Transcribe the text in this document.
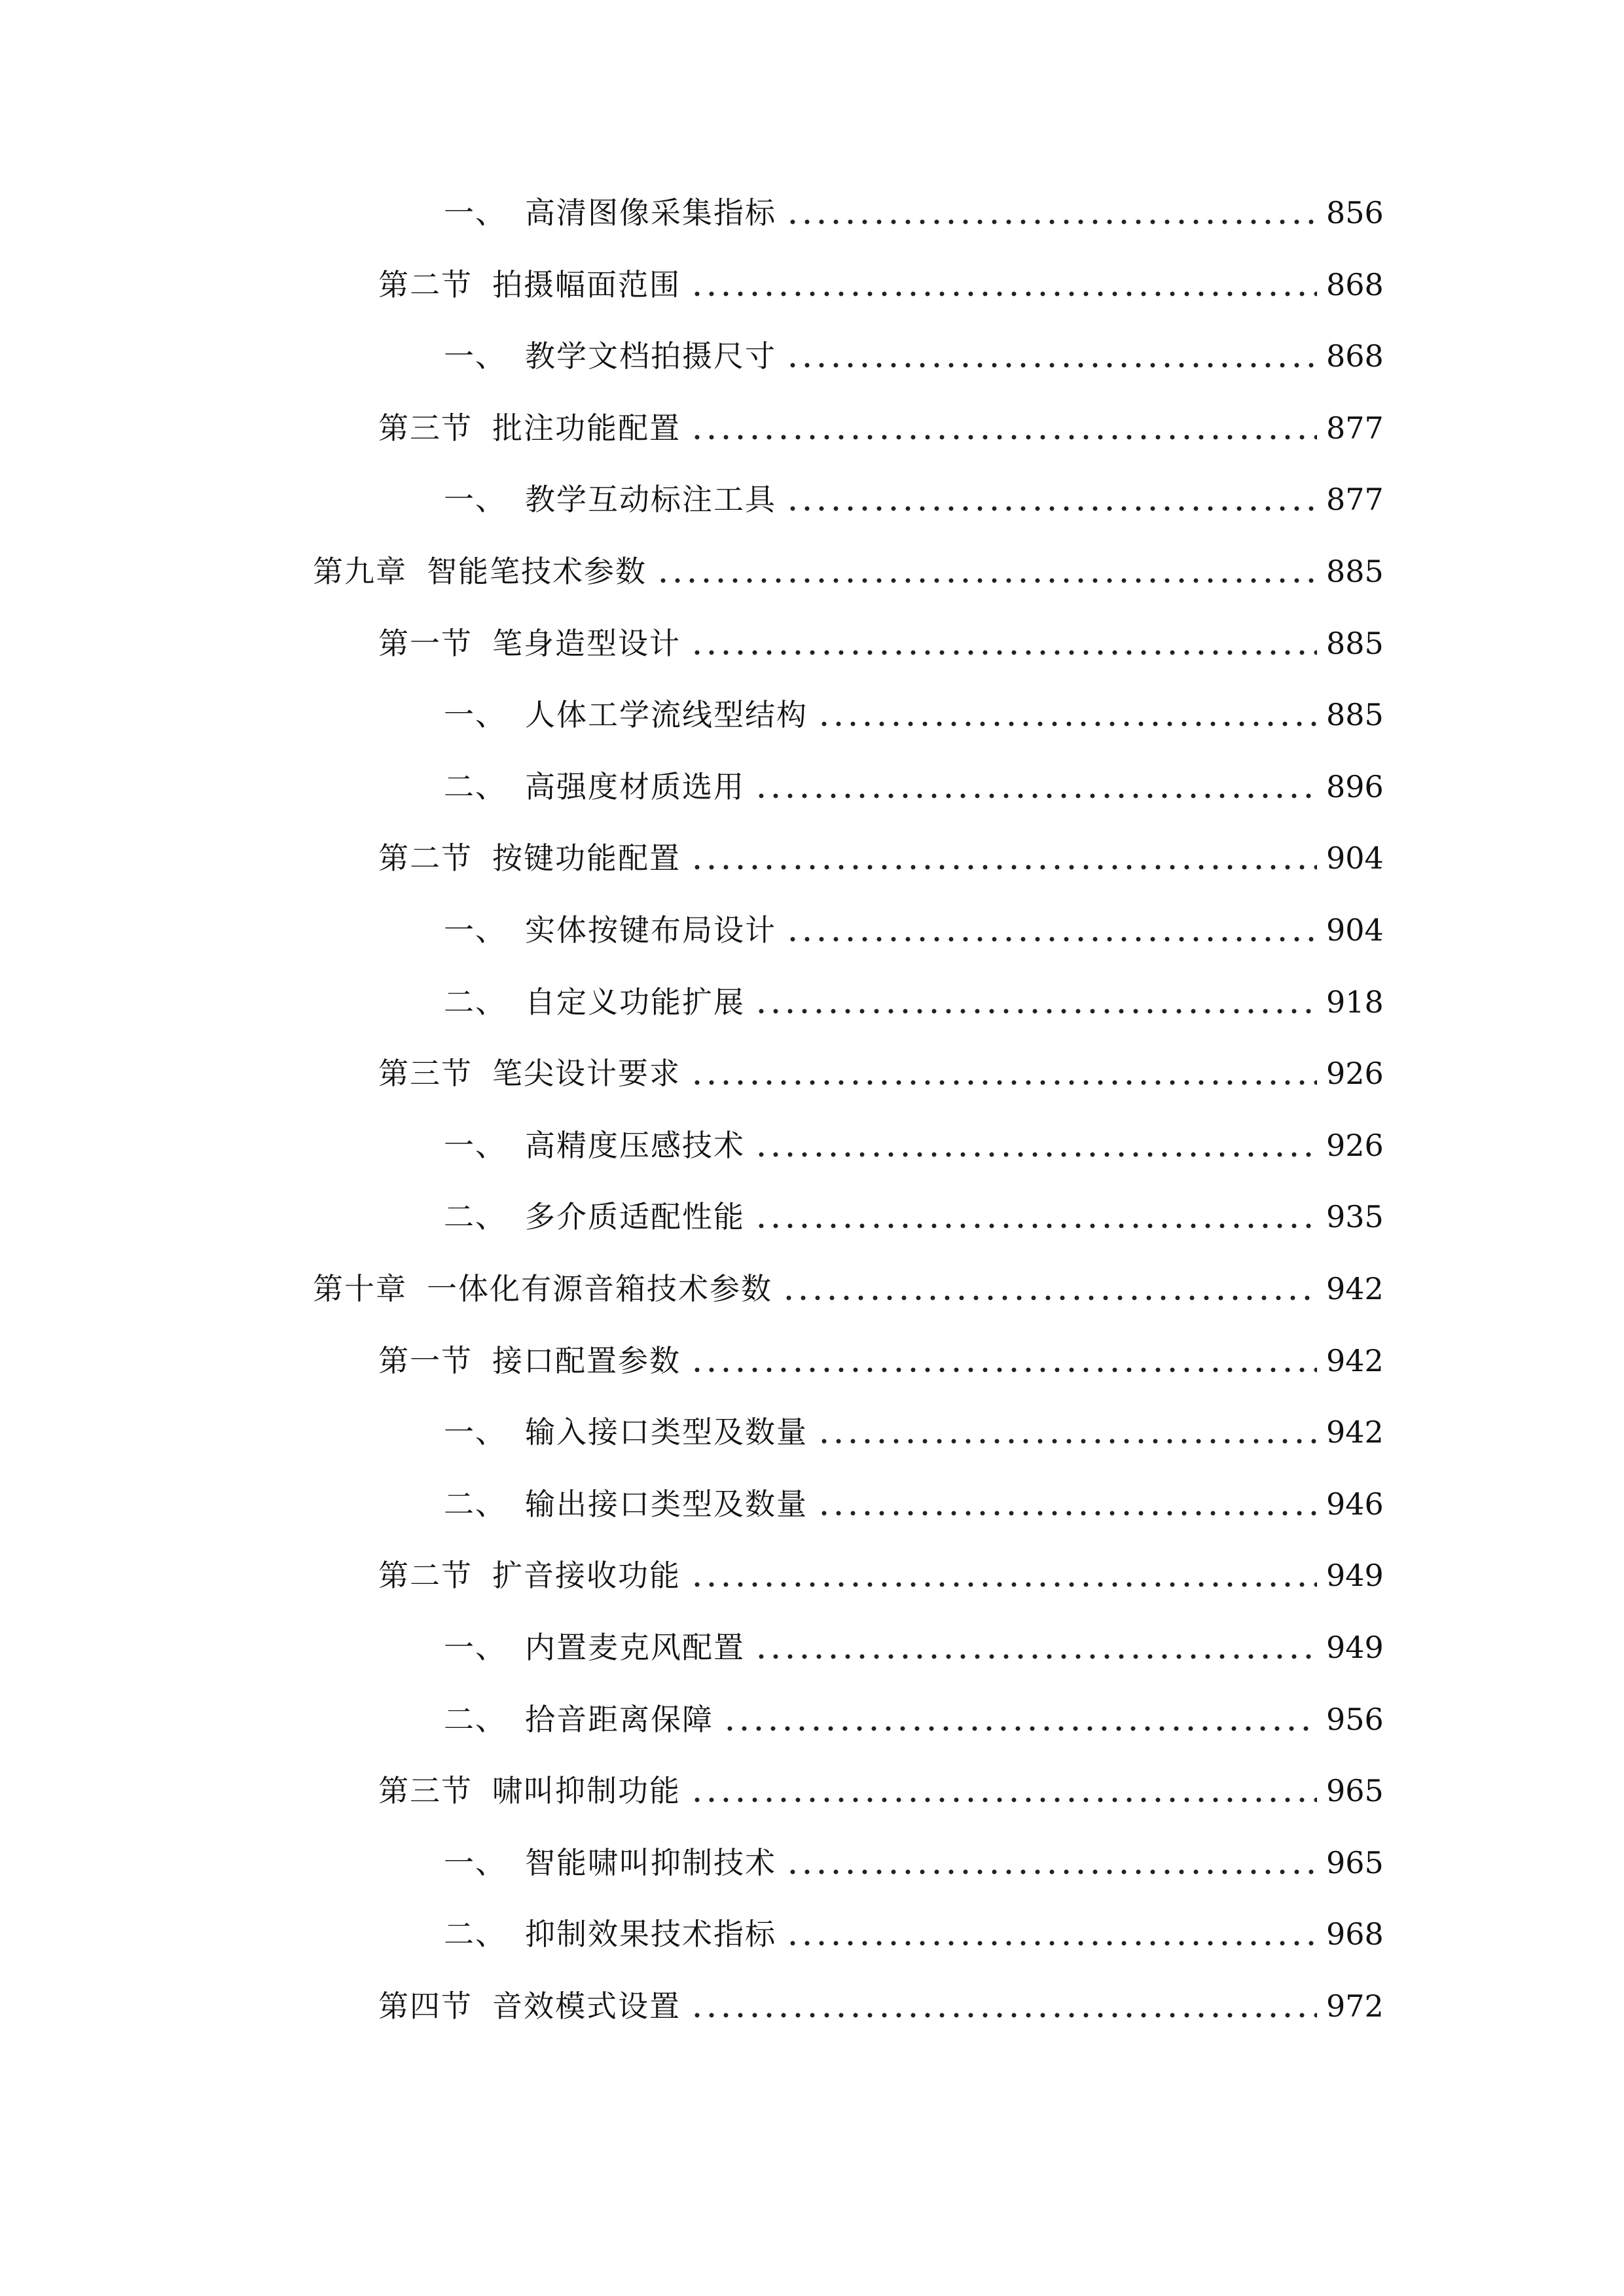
一、 高清图像采集指标	856
第二节 拍摄幅面范围	868
一、 教学文档拍摄尺寸	868
第三节 批注功能配置	877
一、 教学互动标注工具	877
第九章 智能笔技术参数	885
第一节 笔身造型设计	885
一、 人体工学流线型结构	885
二、 高强度材质选用	896
第二节 按键功能配置	904
一、 实体按键布局设计	904
二、 自定义功能扩展	918
第三节 笔尖设计要求	926
一、 高精度压感技术	926
二、 多介质适配性能	935
第十章 一体化有源音箱技术参数	942
第一节 接口配置参数	942
一、 输入接口类型及数量	942
二、 输出接口类型及数量	946
第二节 扩音接收功能	949
一、 内置麦克风配置	949
二、 拾音距离保障	956
第三节 啸叫抑制功能	965
一、 智能啸叫抑制技术	965
二、 抑制效果技术指标	968
第四节 音效模式设置	972
